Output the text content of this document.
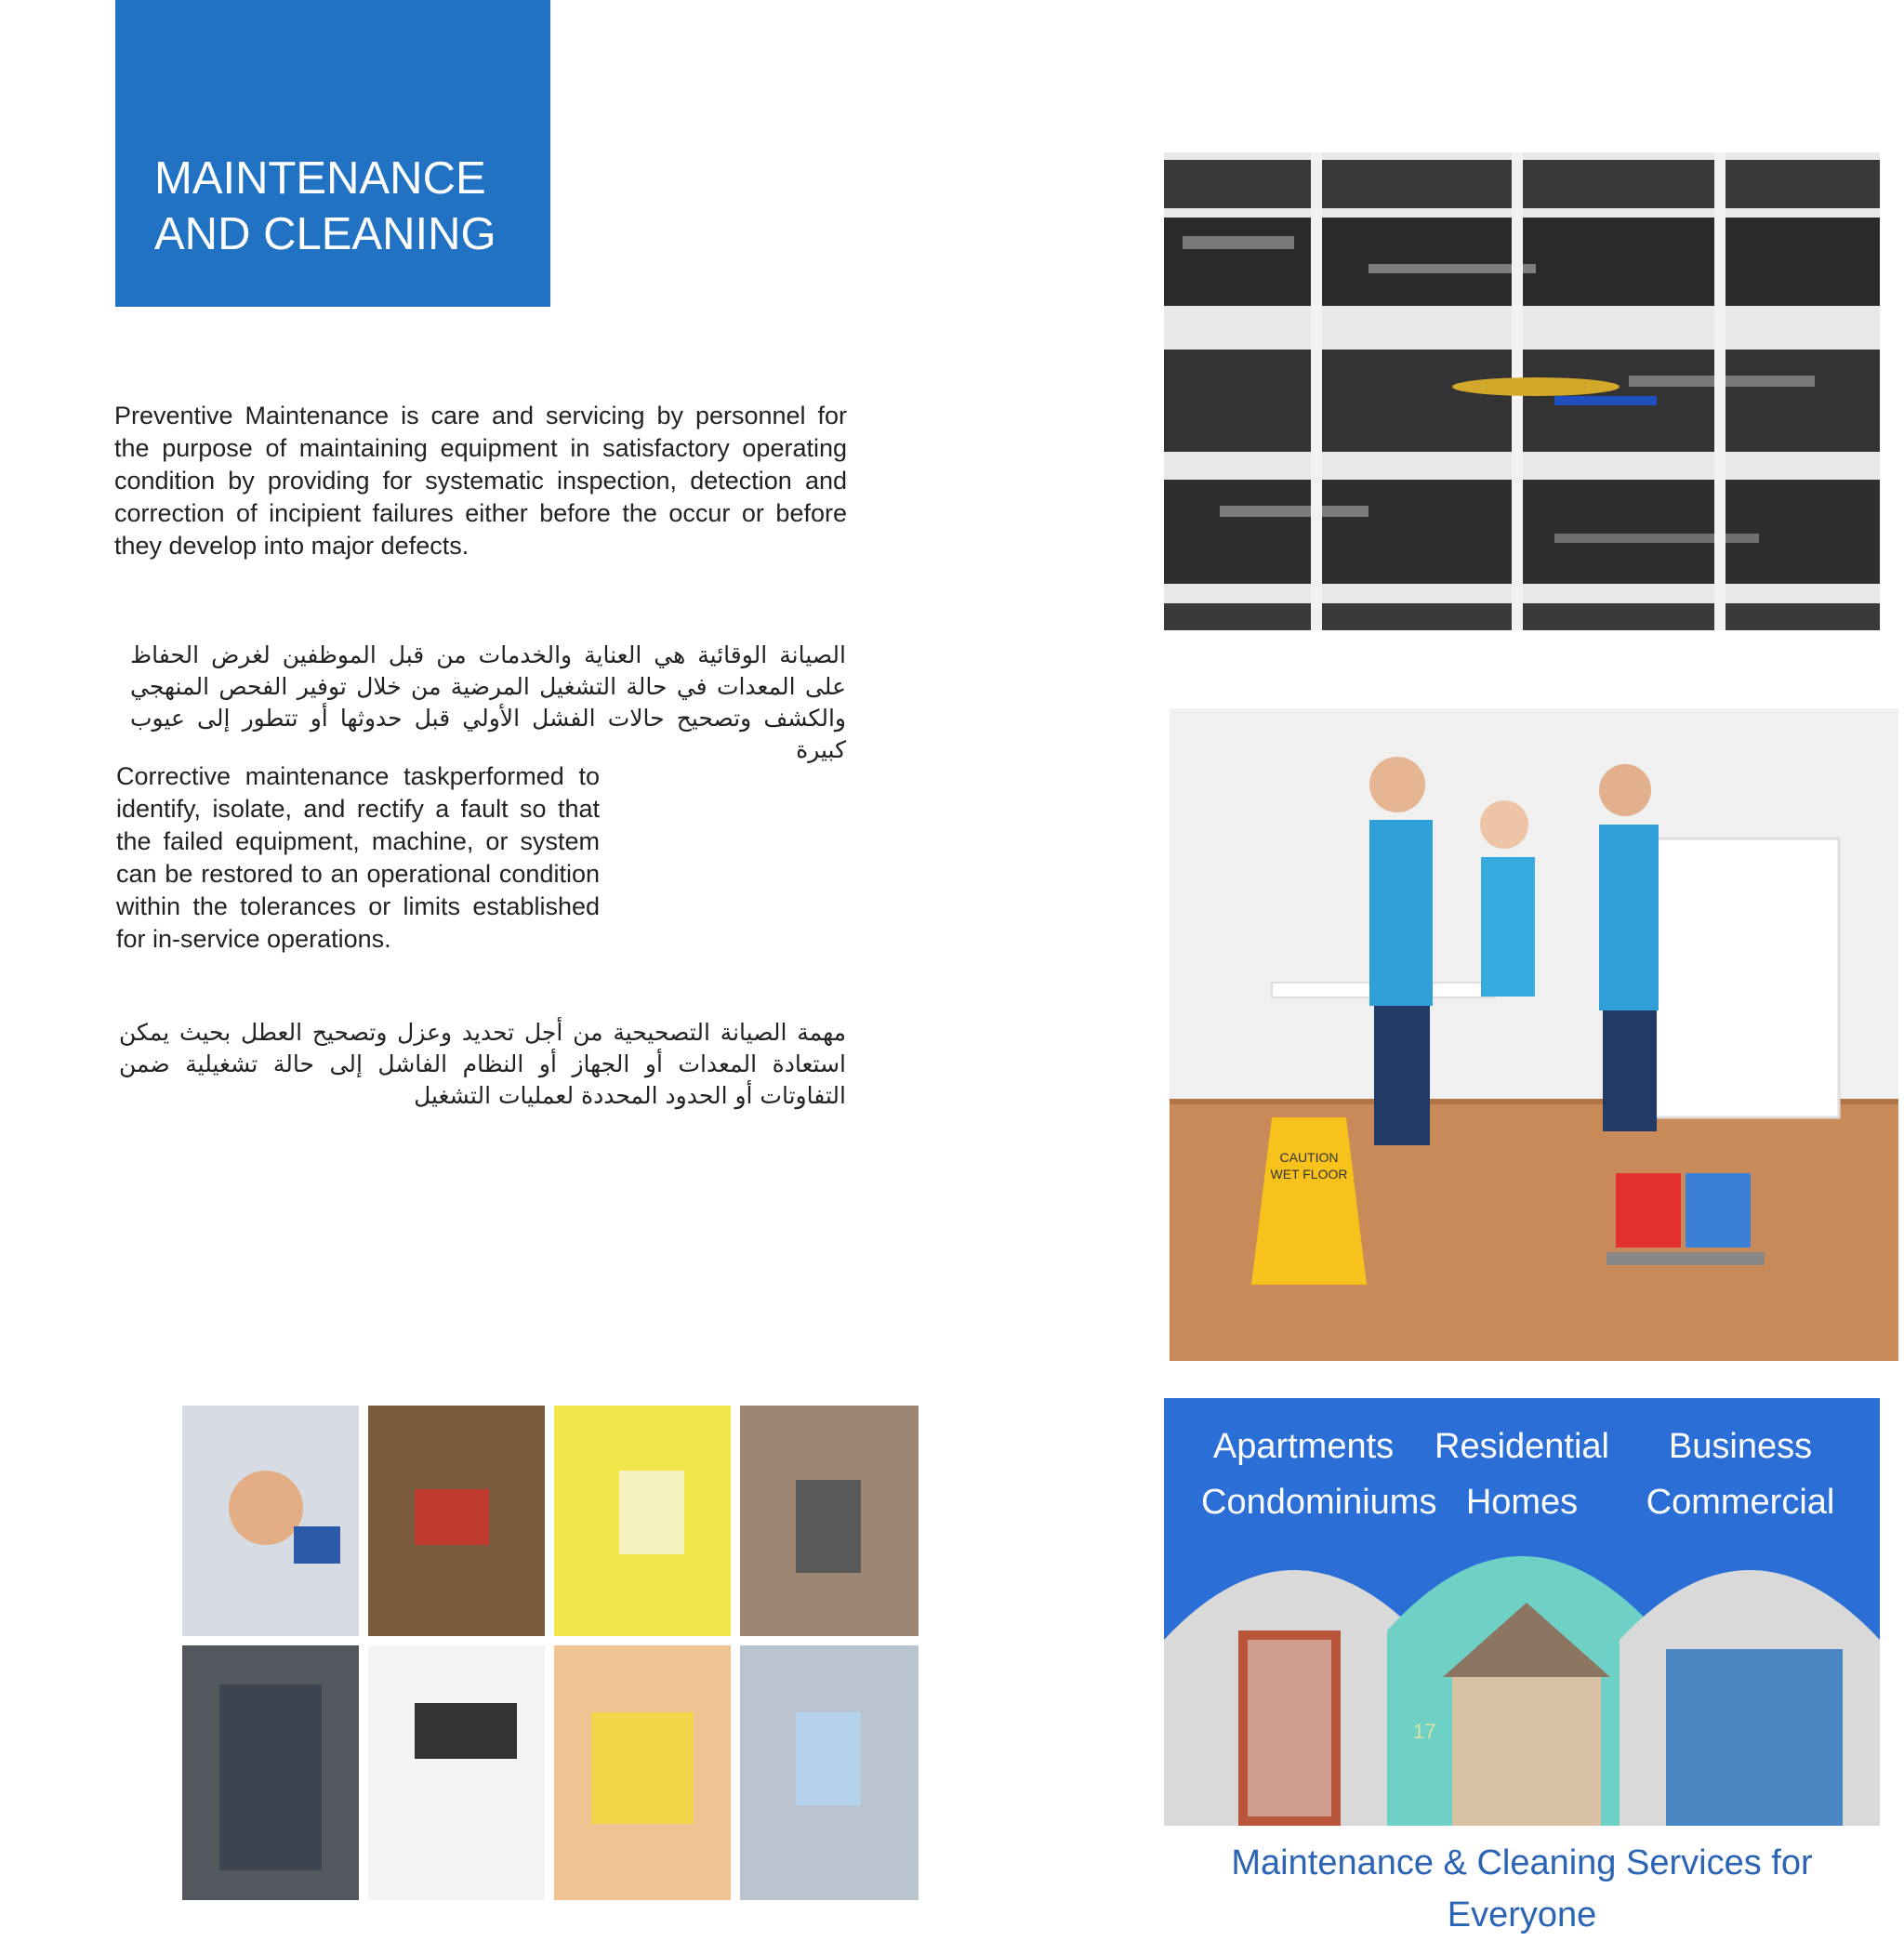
MAINTENANCE
AND CLEANING

Preventive Maintenance is care and servicing by personnel for the purpose of maintaining equipment in satisfactory operating condition by providing for systematic inspection, detection and correction of incipient failures either before the occur or before they develop into major defects.

الصيانة الوقائية هي العناية والخدمات من قبل الموظفين لغرض الحفاظ على المعدات في حالة التشغيل المرضية من خلال توفير الفحص المنهجي والكشف وتصحيح حالات الفشل الأولي قبل حدوثها أو تتطور إلى عيوب كبيرة

Corrective maintenance taskperformed to identify, isolate, and rectify a fault so that the failed equipment, machine, or system can be restored to an operational condition within the tolerances or limits established for in-service operations.

مهمة الصيانة التصحيحية من أجل تحديد وعزل وتصحيح العطل بحيث يمكن استعادة المعدات أو الجهاز أو النظام الفاشل إلى حالة تشغيلية ضمن التفاوتات أو الحدود المحددة لعمليات التشغيل

CAUTION
WET FLOOR
Apartments
Condominiums
Residential
Homes
Business
Commercial
Maintenance & Cleaning Services for Everyone
17
